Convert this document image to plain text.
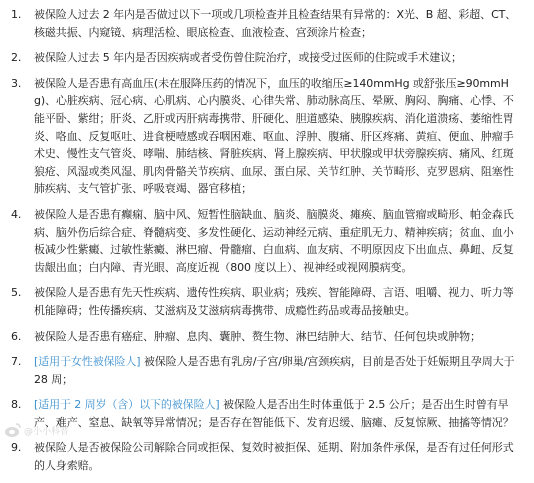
1.	被保险人过去 2 年内是否做过以下一项或几项检查并且检查结果有异常的：X光、B 超、彩超、CT、核磁共振、内窥镜、病理活检、眼底检查、血液检查、宫颈涂片检查；
2.	被保险人过去 5 年内是否因疾病或者受伤曾住院治疗，或接受过医师的住院或手术建议；
3.	被保险人是否患有高血压(未在服降压药的情况下，血压的收缩压≥140mmHg 或舒张压≥90mmHg)、心脏疾病、冠心病、心肌病、心内膜炎、心律失常、肺动脉高压、晕厥、胸闷、胸痛、心悸、不能平卧、紫绀；肝炎、乙肝或丙肝病毒携带、肝硬化、胆道感染、胰腺疾病、消化道溃疡、萎缩性胃炎、咯血、反复呕吐、进食梗噎感或吞咽困难、呕血、浮肿、腹痛、肝区疼痛、黄疸、便血、肿瘤手术史、慢性支气管炎、哮喘、肺结核、肾脏疾病、肾上腺疾病、甲状腺或甲状旁腺疾病、痛风、红斑狼疮、风湿或类风湿、肌肉骨骼关节疾病、血尿、蛋白尿、关节红肿、关节畸形、克罗恩病、阻塞性肺疾病、支气管扩张、呼吸衰竭、器官移植；
4.	被保险人是否患有癫痫、脑中风、短暂性脑缺血、脑炎、脑膜炎、瘫痪、脑血管瘤或畸形、帕金森氏病、脑外伤后综合症、脊髓病变、多发性硬化、运动神经元病、重症肌无力、精神疾病；贫血、血小板减少性紫癜、过敏性紫癜、淋巴瘤、骨髓瘤、白血病、血友病、不明原因皮下出血点、鼻衄、反复齿龈出血；白内障、青光眼、高度近视（800 度以上）、视神经或视网膜病变。
5.	被保险人是否患有先天性疾病、遗传性疾病、职业病；残疾、智能障碍、言语、咀嚼、视力、听力等机能障碍；性传播疾病、艾滋病及艾滋病病毒携带、成瘾性药品或毒品接触史。
6.	被保险人是否患有癌症、肿瘤、息肉、囊肿、赘生物、淋巴结肿大、结节、任何包块或肿物；
7.	[适用于女性被保险人] 被保险人是否患有乳房/子宫/卵巢/宫颈疾病，目前是否处于妊娠期且孕周大于 28 周；
8.	[适用于 2 周岁（含）以下的被保险人] 被保险人是否出生时体重低于 2.5 公斤；是否出生时曾有早产、难产、窒息、缺氧等异常情况；是否存在智能低下、发育迟缓、脑瘫、反复惊厥、抽搐等情况？
9.	被保险人是否被保险公司解除合同或拒保、复效时被拒保、延期、附加条件承保，是否有过任何形式的人身索赔。
@小小科普
